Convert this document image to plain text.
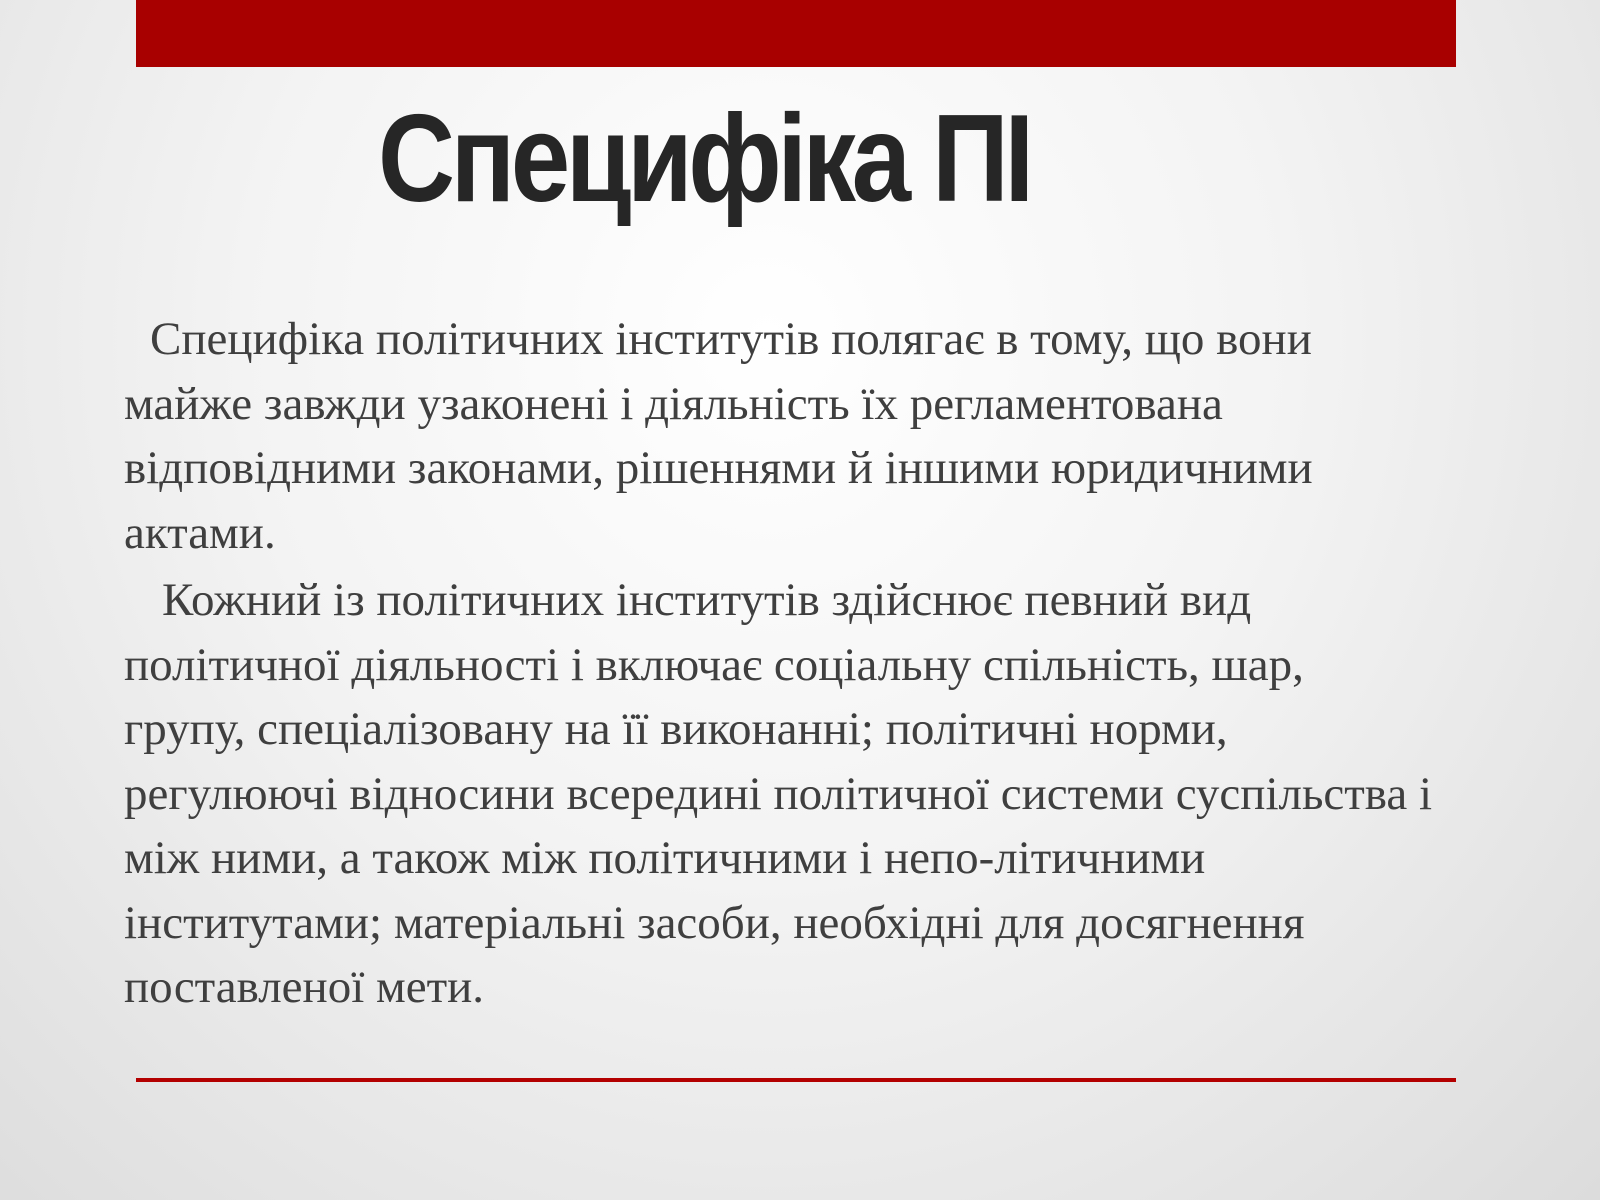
Специфіка ПІ

Специфіка політичних інститутів полягає в тому, що вони майже завжди узаконені і діяльність їх регламентована відповідними законами, рішеннями й іншими юридичними актами.

Кожний із політичних інститутів здійснює певний вид політичної діяльності і включає соціальну спільність, шар, групу, спеціалізовану на її виконанні; політичні норми, регулюючі відносини всередині політичної системи суспільства і між ними, а також між політичними і непо-літичними інститутами; матеріальні засоби, необхідні для досягнення поставленої мети.
